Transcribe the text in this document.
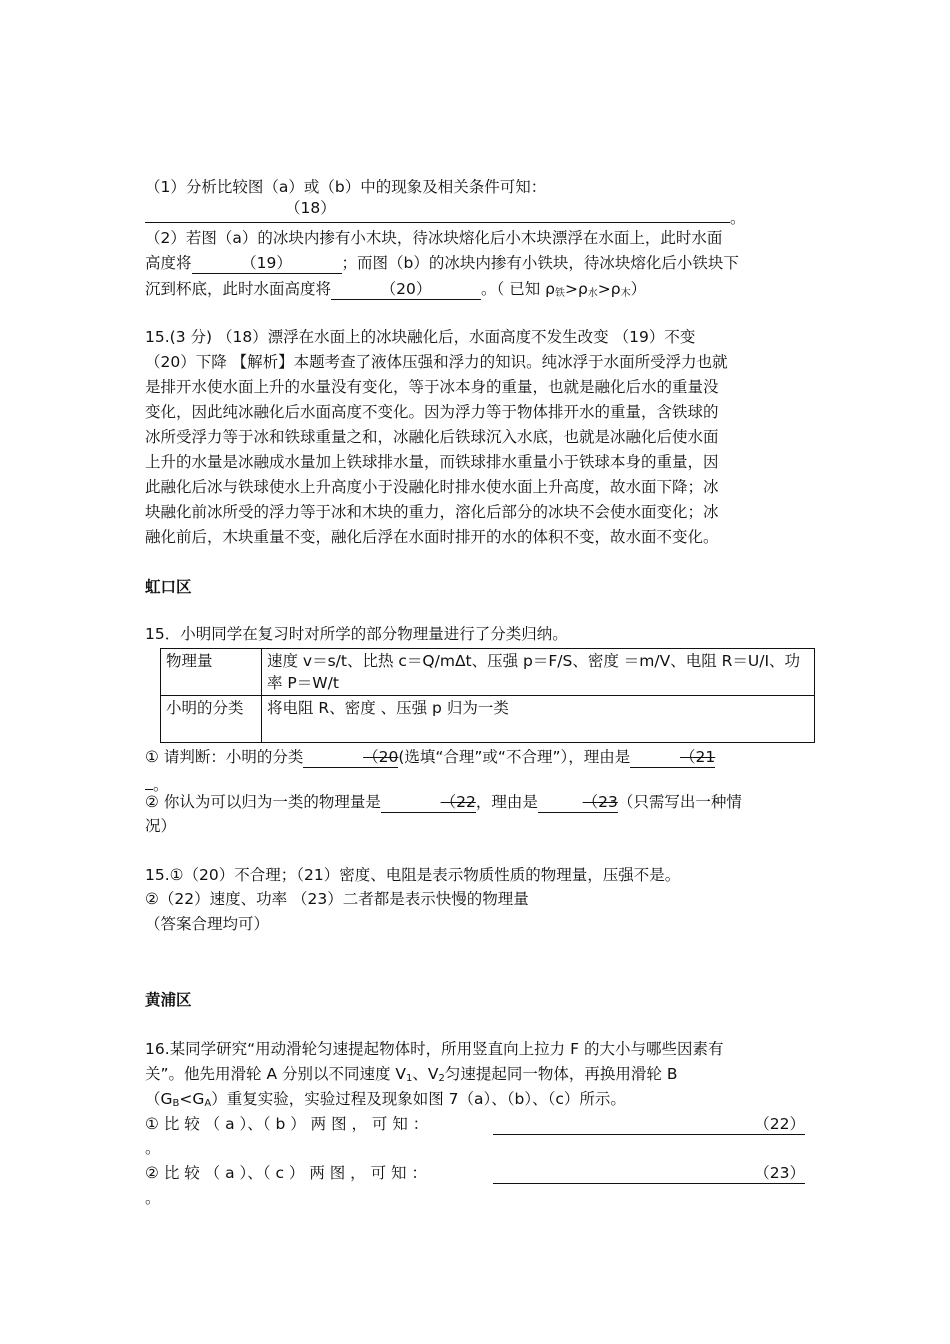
（1）分析比较图（a）或（b）中的现象及相关条件可知：
（18）
。
（2）若图（a）的冰块内掺有小木块，待冰块熔化后小木块漂浮在水面上，此时水面
高度将	（19）	；而图（b）的冰块内掺有小铁块，待冰块熔化后小铁块下
沉到杯底，此时水面高度将	（20）	。（ 已知 $\rho_铁>\rho_水>\rho_木$）
15.(3 分) （18）漂浮在水面上的冰块融化后，水面高度不发生改变 （19）不变
（20）下降 【解析】本题考查了液体压强和浮力的知识。纯冰浮于水面所受浮力也就
是排开水使水面上升的水量没有变化，等于冰本身的重量，也就是融化后水的重量没
变化，因此纯冰融化后水面高度不变化。因为浮力等于物体排开水的重量，含铁球的
冰所受浮力等于冰和铁球重量之和，冰融化后铁球沉入水底，也就是冰融化后使水面
上升的水量是冰融成水量加上铁球排水量，而铁球排水重量小于铁球本身的重量，因
此融化后冰与铁球使水上升高度小于没融化时排水使水面上升高度，故水面下降；冰
块融化前冰所受的浮力等于冰和木块的重力，溶化后部分的冰块不会使水面变化；冰
融化前后，木块重量不变，融化后浮在水面时排开的水的体积不变，故水面不变化。
虹口区
15．小明同学在复习时对所学的部分物理量进行了分类归纳。
物理量	速度 v＝s/t、比热 c＝Q/mΔt、压强 p＝F/S、密度 ＝m/V、电阻 R＝U/I、功率 P＝W/t
小明的分类	将电阻 R、密度 、压强 p 归为一类
① 请判断：小明的分类	（20(选填“合理”或“不合理”），理由是	（21
。
② 你认为可以归为一类的物理量是	（22，理由是	（23（只需写出一种情
况）
15.①（20）不合理；（21）密度、电阻是表示物质性质的物理量，压强不是。
②（22）速度、功率 （23）二者都是表示快慢的物理量
（答案合理均可）
黄浦区
16.某同学研究“用动滑轮匀速提起物体时，所用竖直向上拉力 F 的大小与哪些因素有
关”。他先用滑轮 A 分别以不同速度 $V_1$、$V_2$匀速提起同一物体，再换用滑轮 B
$(G_B<G_A)$重复实验，实验过程及现象如图 7（a）、（b）、（c）所示。
① 比 较 （ a ）、（ b ） 两 图 ， 可 知 ：	（22）
。
② 比 较 （ a ）、（ c ） 两 图 ， 可 知 ：	（23）
。
